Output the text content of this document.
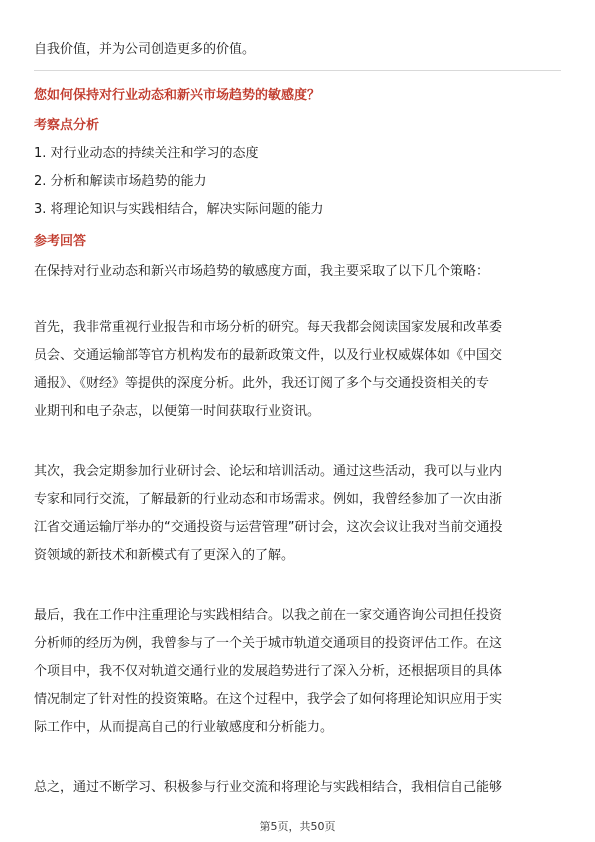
自我价值，并为公司创造更多的价值。
您如何保持对行业动态和新兴市场趋势的敏感度？
考察点分析
1. 对行业动态的持续关注和学习的态度
2. 分析和解读市场趋势的能力
3. 将理论知识与实践相结合，解决实际问题的能力
参考回答
在保持对行业动态和新兴市场趋势的敏感度方面，我主要采取了以下几个策略：
首先，我非常重视行业报告和市场分析的研究。每天我都会阅读国家发展和改革委
员会、交通运输部等官方机构发布的最新政策文件，以及行业权威媒体如《中国交
通报》、《财经》等提供的深度分析。此外，我还订阅了多个与交通投资相关的专
业期刊和电子杂志，以便第一时间获取行业资讯。
其次，我会定期参加行业研讨会、论坛和培训活动。通过这些活动，我可以与业内
专家和同行交流，了解最新的行业动态和市场需求。例如，我曾经参加了一次由浙
江省交通运输厅举办的“交通投资与运营管理”研讨会，这次会议让我对当前交通投
资领域的新技术和新模式有了更深入的了解。
最后，我在工作中注重理论与实践相结合。以我之前在一家交通咨询公司担任投资
分析师的经历为例，我曾参与了一个关于城市轨道交通项目的投资评估工作。在这
个项目中，我不仅对轨道交通行业的发展趋势进行了深入分析，还根据项目的具体
情况制定了针对性的投资策略。在这个过程中，我学会了如何将理论知识应用于实
际工作中，从而提高自己的行业敏感度和分析能力。
总之，通过不断学习、积极参与行业交流和将理论与实践相结合，我相信自己能够
第5页，共50页
